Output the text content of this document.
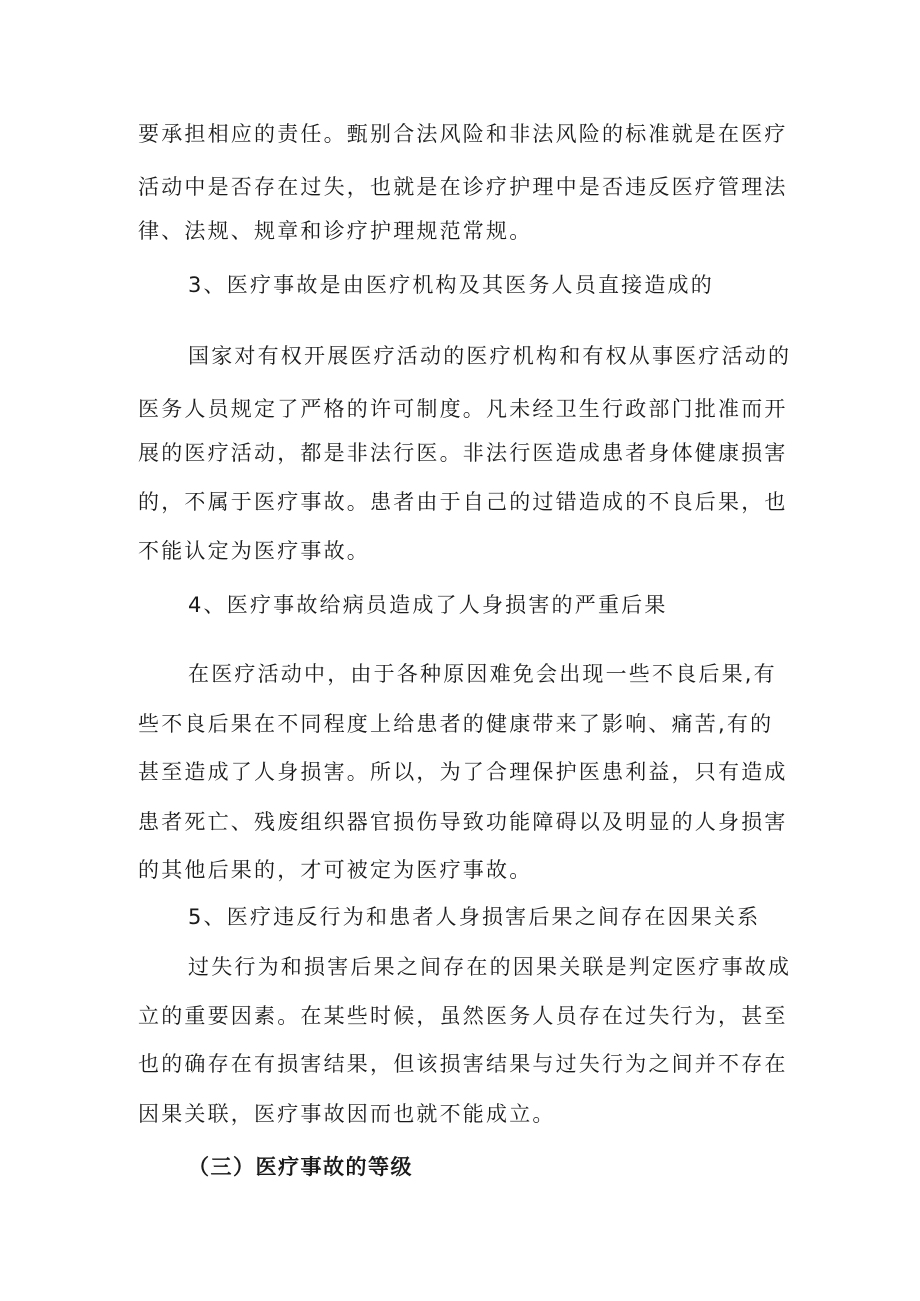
要承担相应的责任。甄别合法风险和非法风险的标准就是在医疗
活动中是否存在过失，也就是在诊疗护理中是否违反医疗管理法
律、法规、规章和诊疗护理规范常规。
3、医疗事故是由医疗机构及其医务人员直接造成的
国家对有权开展医疗活动的医疗机构和有权从事医疗活动的
医务人员规定了严格的许可制度。凡未经卫生行政部门批准而开
展的医疗活动，都是非法行医。非法行医造成患者身体健康损害
的，不属于医疗事故。患者由于自己的过错造成的不良后果，也
不能认定为医疗事故。
4、医疗事故给病员造成了人身损害的严重后果
在医疗活动中，由于各种原因难免会出现一些不良后果,有
些不良后果在不同程度上给患者的健康带来了影响、痛苦,有的
甚至造成了人身损害。所以，为了合理保护医患利益，只有造成
患者死亡、残废组织器官损伤导致功能障碍以及明显的人身损害
的其他后果的，才可被定为医疗事故。
5、医疗违反行为和患者人身损害后果之间存在因果关系
过失行为和损害后果之间存在的因果关联是判定医疗事故成
立的重要因素。在某些时候，虽然医务人员存在过失行为，甚至
也的确存在有损害结果，但该损害结果与过失行为之间并不存在
因果关联，医疗事故因而也就不能成立。
（三）医疗事故的等级
